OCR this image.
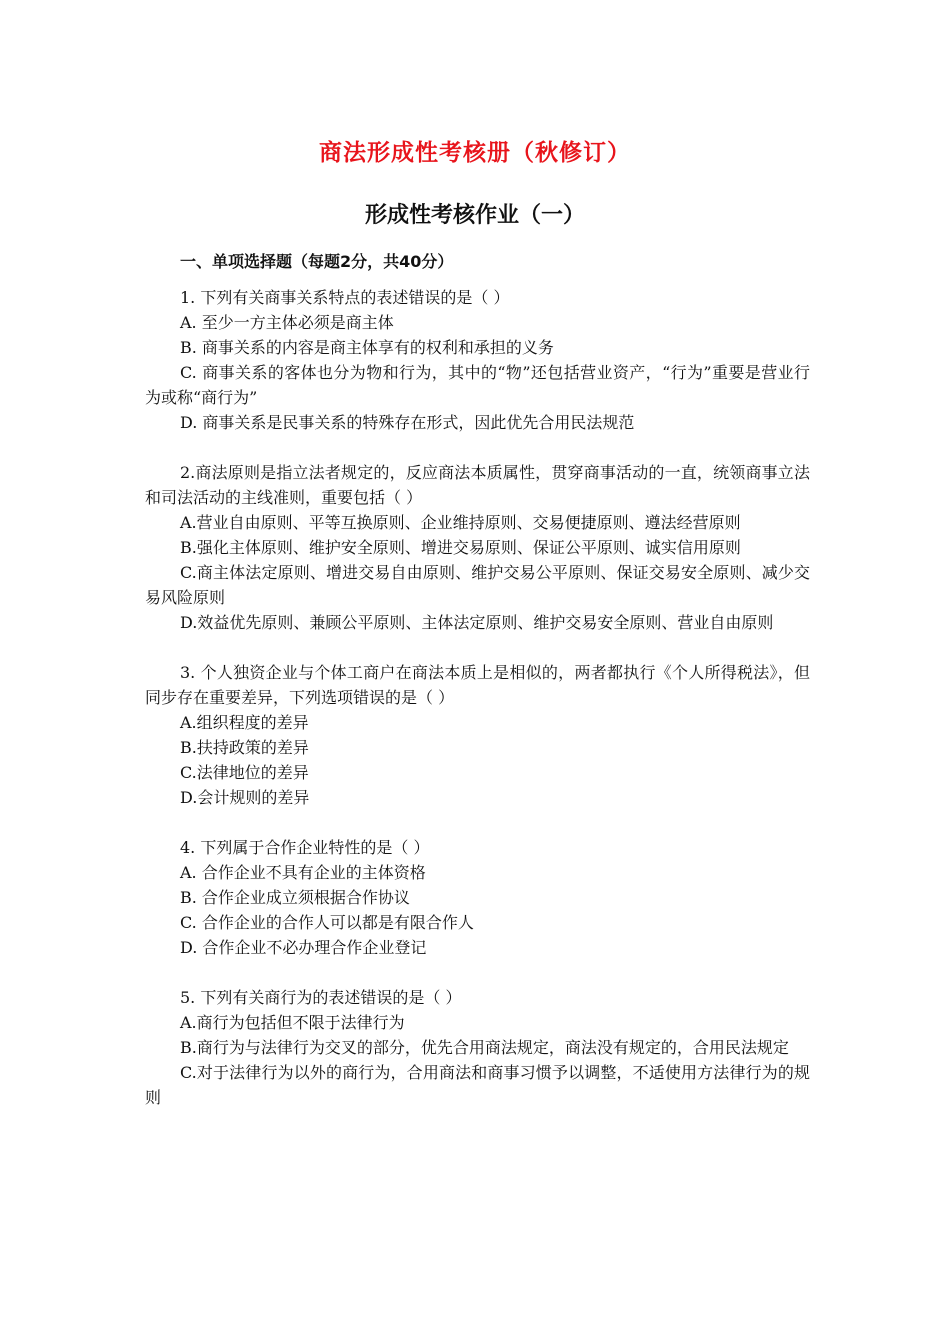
商法形成性考核册（秋修订）
形成性考核作业（一）
一、单项选择题（每题2分，共40分）

1. 下列有关商事关系特点的表述错误的是（ ）

A. 至少一方主体必须是商主体

B. 商事关系的内容是商主体享有的权利和承担的义务

C. 商事关系的客体也分为物和行为，其中的“物”还包括营业资产，“行为”重要是营业行为或称“商行为”

D. 商事关系是民事关系的特殊存在形式，因此优先合用民法规范

2.商法原则是指立法者规定的，反应商法本质属性，贯穿商事活动的一直，统领商事立法和司法活动的主线准则，重要包括（ ）

A.营业自由原则、平等互换原则、企业维持原则、交易便捷原则、遵法经营原则

B.强化主体原则、维护安全原则、增进交易原则、保证公平原则、诚实信用原则

C.商主体法定原则、增进交易自由原则、维护交易公平原则、保证交易安全原则、减少交易风险原则

D.效益优先原则、兼顾公平原则、主体法定原则、维护交易安全原则、营业自由原则

3. 个人独资企业与个体工商户在商法本质上是相似的，两者都执行《个人所得税法》，但同步存在重要差异，下列选项错误的是（ ）

A.组织程度的差异

B.扶持政策的差异

C.法律地位的差异

D.会计规则的差异

4. 下列属于合作企业特性的是（ ）

A. 合作企业不具有企业的主体资格

B. 合作企业成立须根据合作协议

C. 合作企业的合作人可以都是有限合作人

D. 合作企业不必办理合作企业登记

5. 下列有关商行为的表述错误的是（ ）

A.商行为包括但不限于法律行为

B.商行为与法律行为交叉的部分，优先合用商法规定，商法没有规定的，合用民法规定

C.对于法律行为以外的商行为，合用商法和商事习惯予以调整，不适使用方法律行为的规则
